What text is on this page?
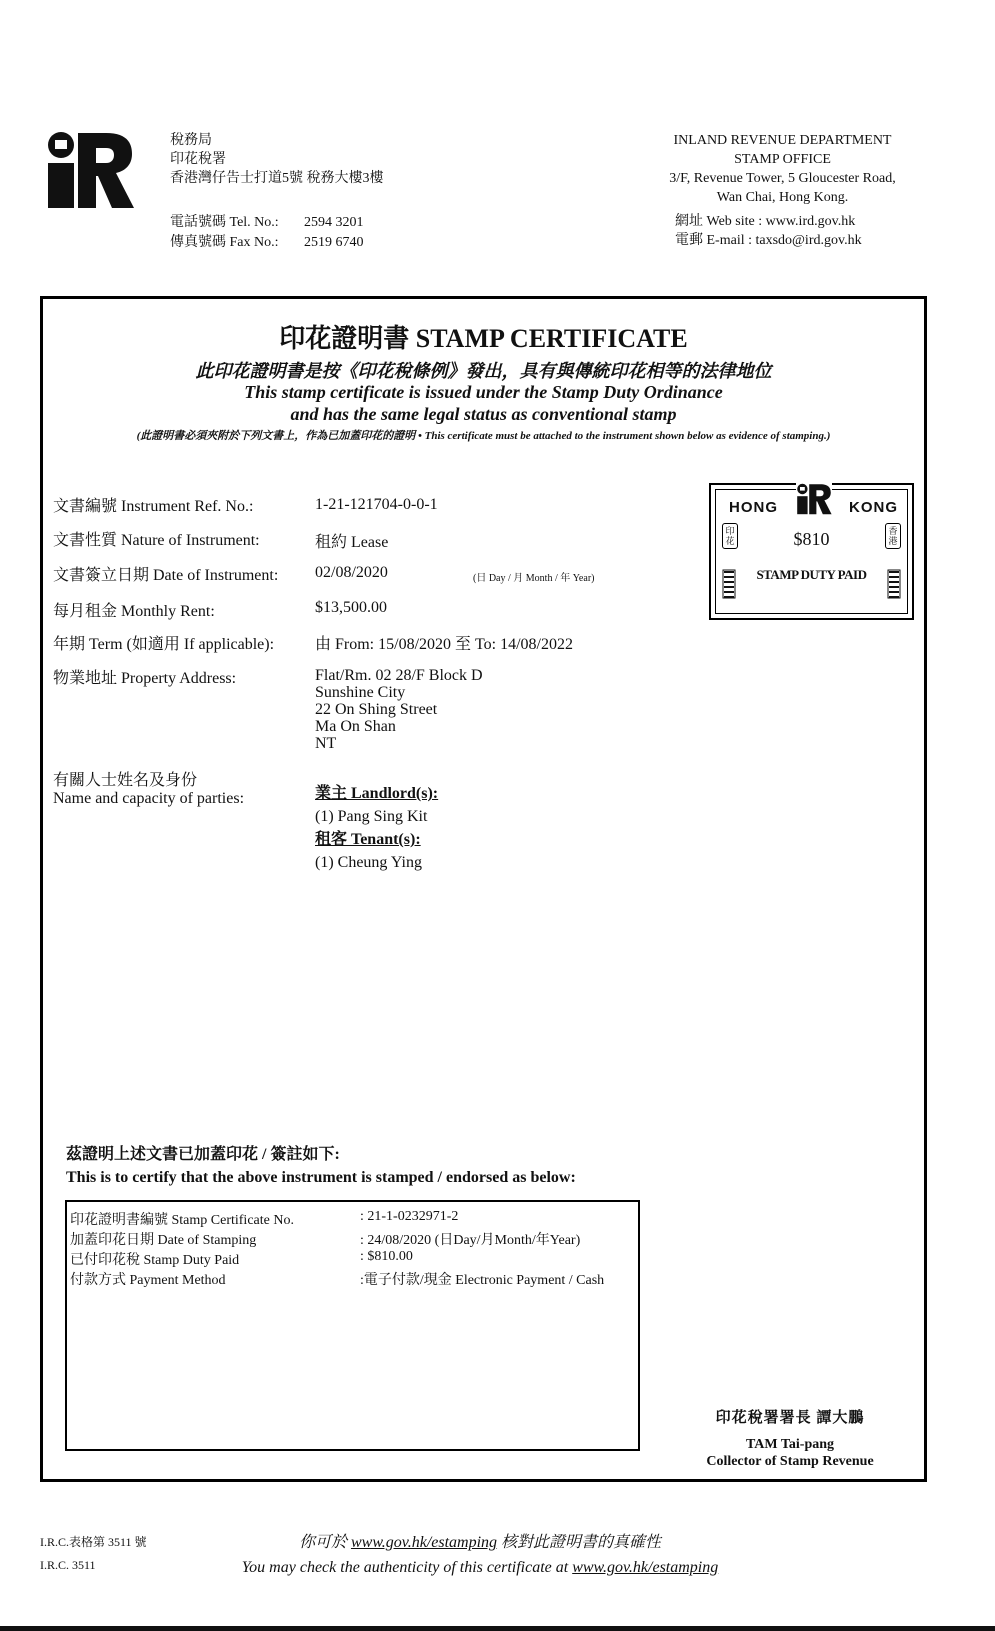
稅務局
印花稅署
香港灣仔告士打道5號 稅務大樓3樓
電話號碼 Tel. No.: 2594 3201
傳真號碼 Fax No.: 2519 6740
INLAND REVENUE DEPARTMENT
STAMP OFFICE
3/F, Revenue Tower, 5 Gloucester Road,
Wan Chai, Hong Kong.
網址 Web site : www.ird.gov.hk
電郵 E-mail : taxsdo@ird.gov.hk
印花證明書 STAMP CERTIFICATE
此印花證明書是按《印花稅條例》發出，具有與傳統印花相等的法律地位
This stamp certificate is issued under the Stamp Duty Ordinance
and has the same legal status as conventional stamp
(此證明書必須夾附於下列文書上，作為已加蓋印花的證明 • This certificate must be attached to the instrument shown below as evidence of stamping.)
文書編號 Instrument Ref. No.:	1-21-121704-0-0-1
文書性質 Nature of Instrument:	租約 Lease
文書簽立日期 Date of Instrument: 02/08/2020	(日 Day / 月 Month / 年 Year)
每月租金 Monthly Rent:	$13,500.00
年期 Term (如適用 If applicable):	由 From: 15/08/2020 至 To: 14/08/2022
物業地址 Property Address:	Flat/Rm. 02 28/F Block D
Sunshine City
22 On Shing Street
Ma On Shan
NT
有關人士姓名及身份
Name and capacity of parties:	業主 Landlord(s):
(1) Pang Sing Kit
租客 Tenant(s):
(1) Cheung Ying
HONG	KONG
$810
STAMP DUTY PAID
印花
香港
茲證明上述文書已加蓋印花 / 簽註如下:
This is to certify that the above instrument is stamped / endorsed as below:
印花證明書編號 Stamp Certificate No.	: 21-1-0232971-2
加蓋印花日期 Date of Stamping	: 24/08/2020 (日Day/月Month/年Year)
已付印花稅 Stamp Duty Paid	: $810.00
付款方式 Payment Method	:電子付款/現金 Electronic Payment / Cash
印花稅署署長 譚大鵬
TAM Tai-pang
Collector of Stamp Revenue
I.R.C.表格第 3511 號
I.R.C. 3511
你可於 www.gov.hk/estamping 核對此證明書的真確性
You may check the authenticity of this certificate at www.gov.hk/estamping
